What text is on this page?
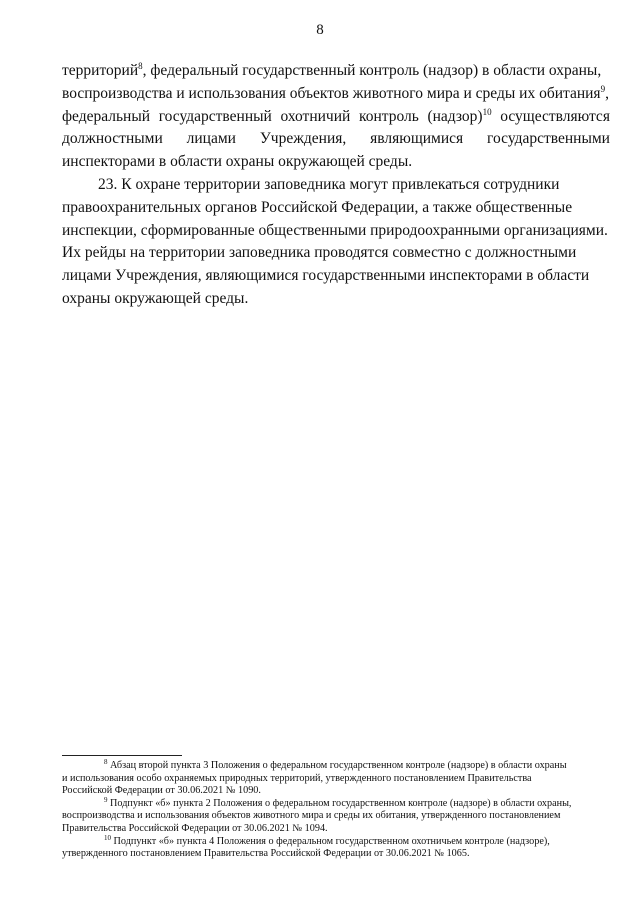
8
территорий$^8$, федеральный государственный контроль (надзор) в области охраны,
воспроизводства и использования объектов животного мира и среды их обитания$^9$,
федеральный государственный охотничий контроль (надзор)$^{10}$ осуществляются
должностными лицами Учреждения, являющимися государственными
инспекторами в области охраны окружающей среды.
23. К охране территории заповедника могут привлекаться сотрудники
правоохранительных органов Российской Федерации, а также общественные
инспекции, сформированные общественными природоохранными организациями.
Их рейды на территории заповедника проводятся совместно с должностными
лицами Учреждения, являющимися государственными инспекторами в области
охраны окружающей среды.
$^8$ Абзац второй пункта 3 Положения о федеральном государственном контроле (надзоре) в области охраны
и использования особо охраняемых природных территорий, утвержденного постановлением Правительства
Российской Федерации от 30.06.2021 № 1090.
$^9$ Подпункт «б» пункта 2 Положения о федеральном государственном контроле (надзоре) в области охраны,
воспроизводства и использования объектов животного мира и среды их обитания, утвержденного постановлением
Правительства Российской Федерации от 30.06.2021 № 1094.
$^{10}$ Подпункт «б» пункта 4 Положения о федеральном государственном охотничьем контроле (надзоре),
утвержденного постановлением Правительства Российской Федерации от 30.06.2021 № 1065.
